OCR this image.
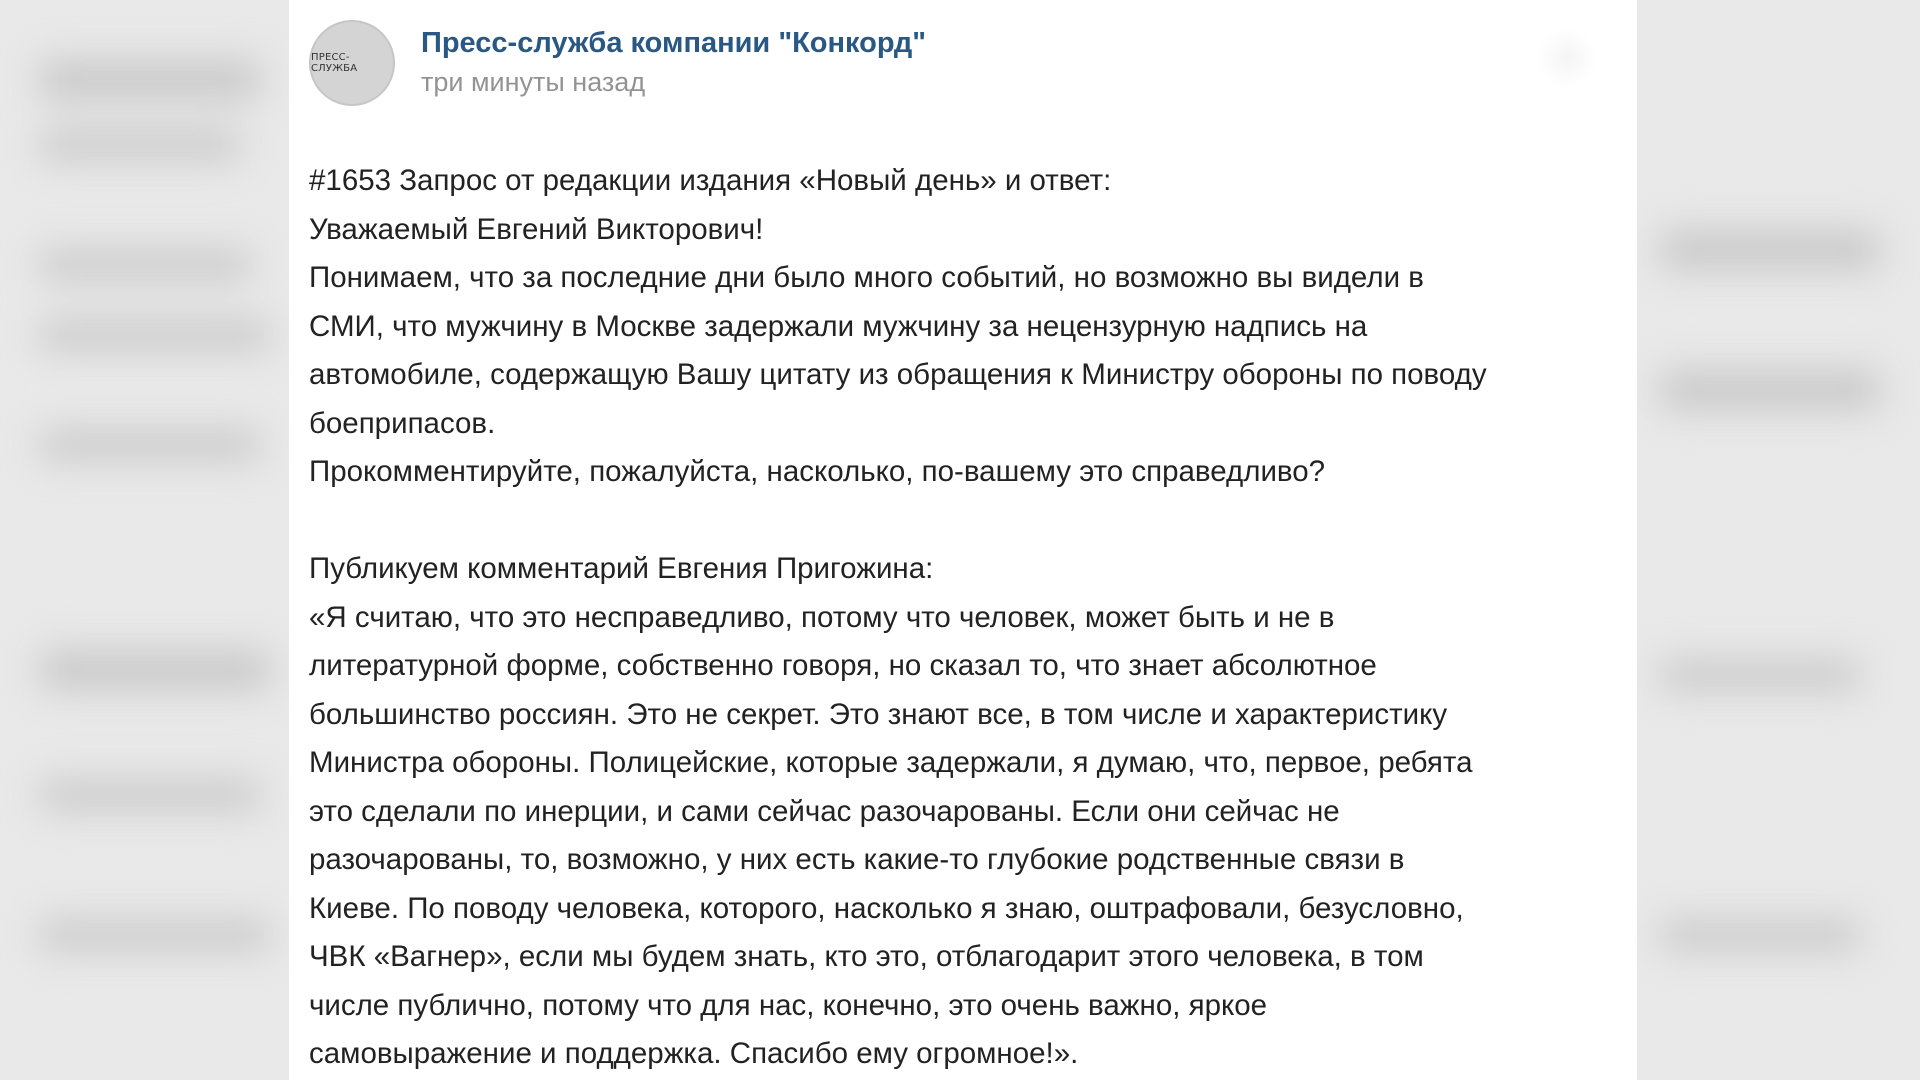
ПРЕСС-СЛУЖБА
Пресс-служба компании "Конкорд"
три минуты назад
#1653 Запрос от редакции издания «Новый день» и ответ:
Уважаемый Евгений Викторович!
Понимаем, что за последние дни было много событий, но возможно вы видели в
СМИ, что мужчину в Москве задержали мужчину за нецензурную надпись на
автомобиле, содержащую Вашу цитату из обращения к Министру обороны по поводу
боеприпасов.
Прокомментируйте, пожалуйста, насколько, по-вашему это справедливо?
Публикуем комментарий Евгения Пригожина:
«Я считаю, что это несправедливо, потому что человек, может быть и не в
литературной форме, собственно говоря, но сказал то, что знает абсолютное
большинство россиян. Это не секрет. Это знают все, в том числе и характеристику
Министра обороны. Полицейские, которые задержали, я думаю, что, первое, ребята
это сделали по инерции, и сами сейчас разочарованы. Если они сейчас не
разочарованы, то, возможно, у них есть какие-то глубокие родственные связи в
Киеве. По поводу человека, которого, насколько я знаю, оштрафовали, безусловно,
ЧВК «Вагнер», если мы будем знать, кто это, отблагодарит этого человека, в том
числе публично, потому что для нас, конечно, это очень важно, яркое
самовыражение и поддержка. Спасибо ему огромное!».
